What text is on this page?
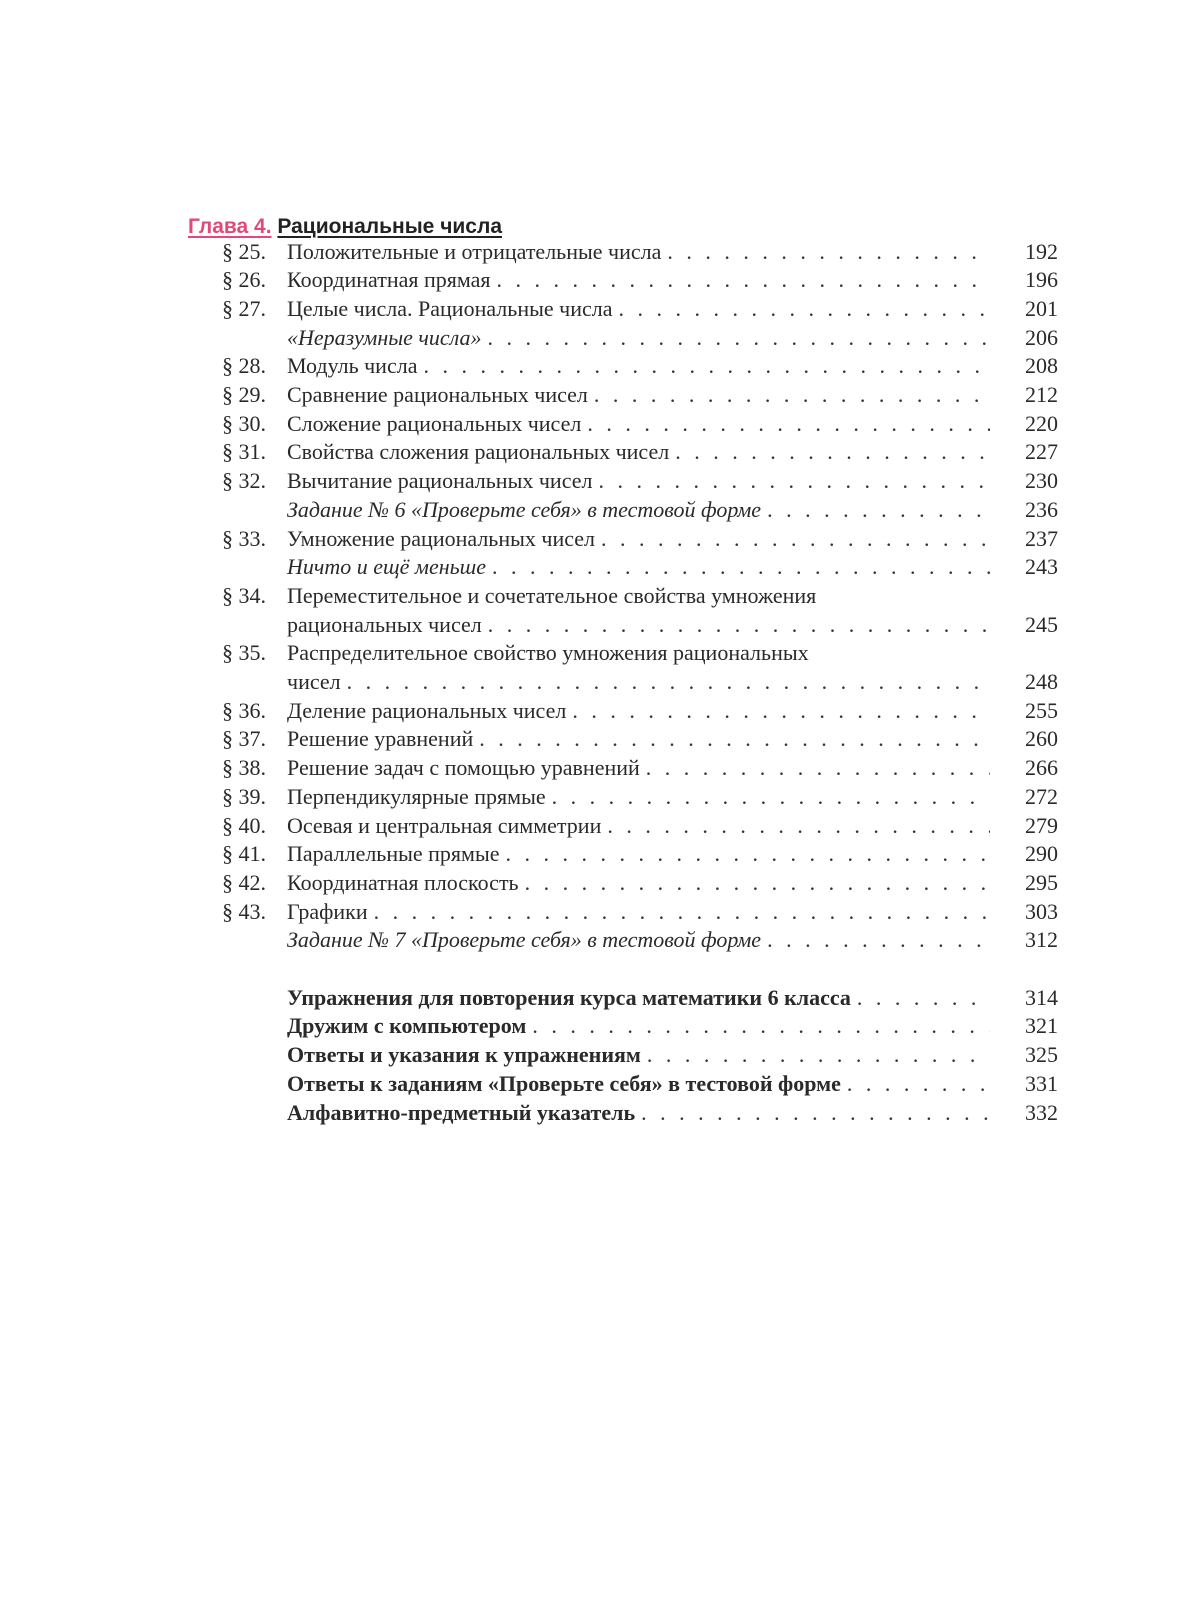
Глава 4. Рациональные числа
§ 25. Положительные и отрицательные числа . . .	192
§ 26. Координатная прямая . . .	196
§ 27. Целые числа. Рациональные числа . . .	201
«Неразумные числа» . . .	206
§ 28. Модуль числа . . .	208
§ 29. Сравнение рациональных чисел . . .	212
§ 30. Сложение рациональных чисел . . .	220
§ 31. Свойства сложения рациональных чисел . . .	227
§ 32. Вычитание рациональных чисел . . .	230
Задание № 6 «Проверьте себя» в тестовой форме . . .	236
§ 33. Умножение рациональных чисел . . .	237
Ничто и ещё меньше . . .	243
§ 34. Переместительное и сочетательное свойства умножения
рациональных чисел . . .	245
§ 35. Распределительное свойство умножения рациональных
чисел . . .	248
§ 36. Деление рациональных чисел . . .	255
§ 37. Решение уравнений . . .	260
§ 38. Решение задач с помощью уравнений . . .	266
§ 39. Перпендикулярные прямые . . .	272
§ 40. Осевая и центральная симметрии . . .	279
§ 41. Параллельные прямые . . .	290
§ 42. Координатная плоскость . . .	295
§ 43. Графики . . .	303
Задание № 7 «Проверьте себя» в тестовой форме . . .	312
Упражнения для повторения курса математики 6 класса . . .	314
Дружим с компьютером . . .	321
Ответы и указания к упражнениям . . .	325
Ответы к заданиям «Проверьте себя» в тестовой форме . . .	331
Алфавитно-предметный указатель . . .	332
